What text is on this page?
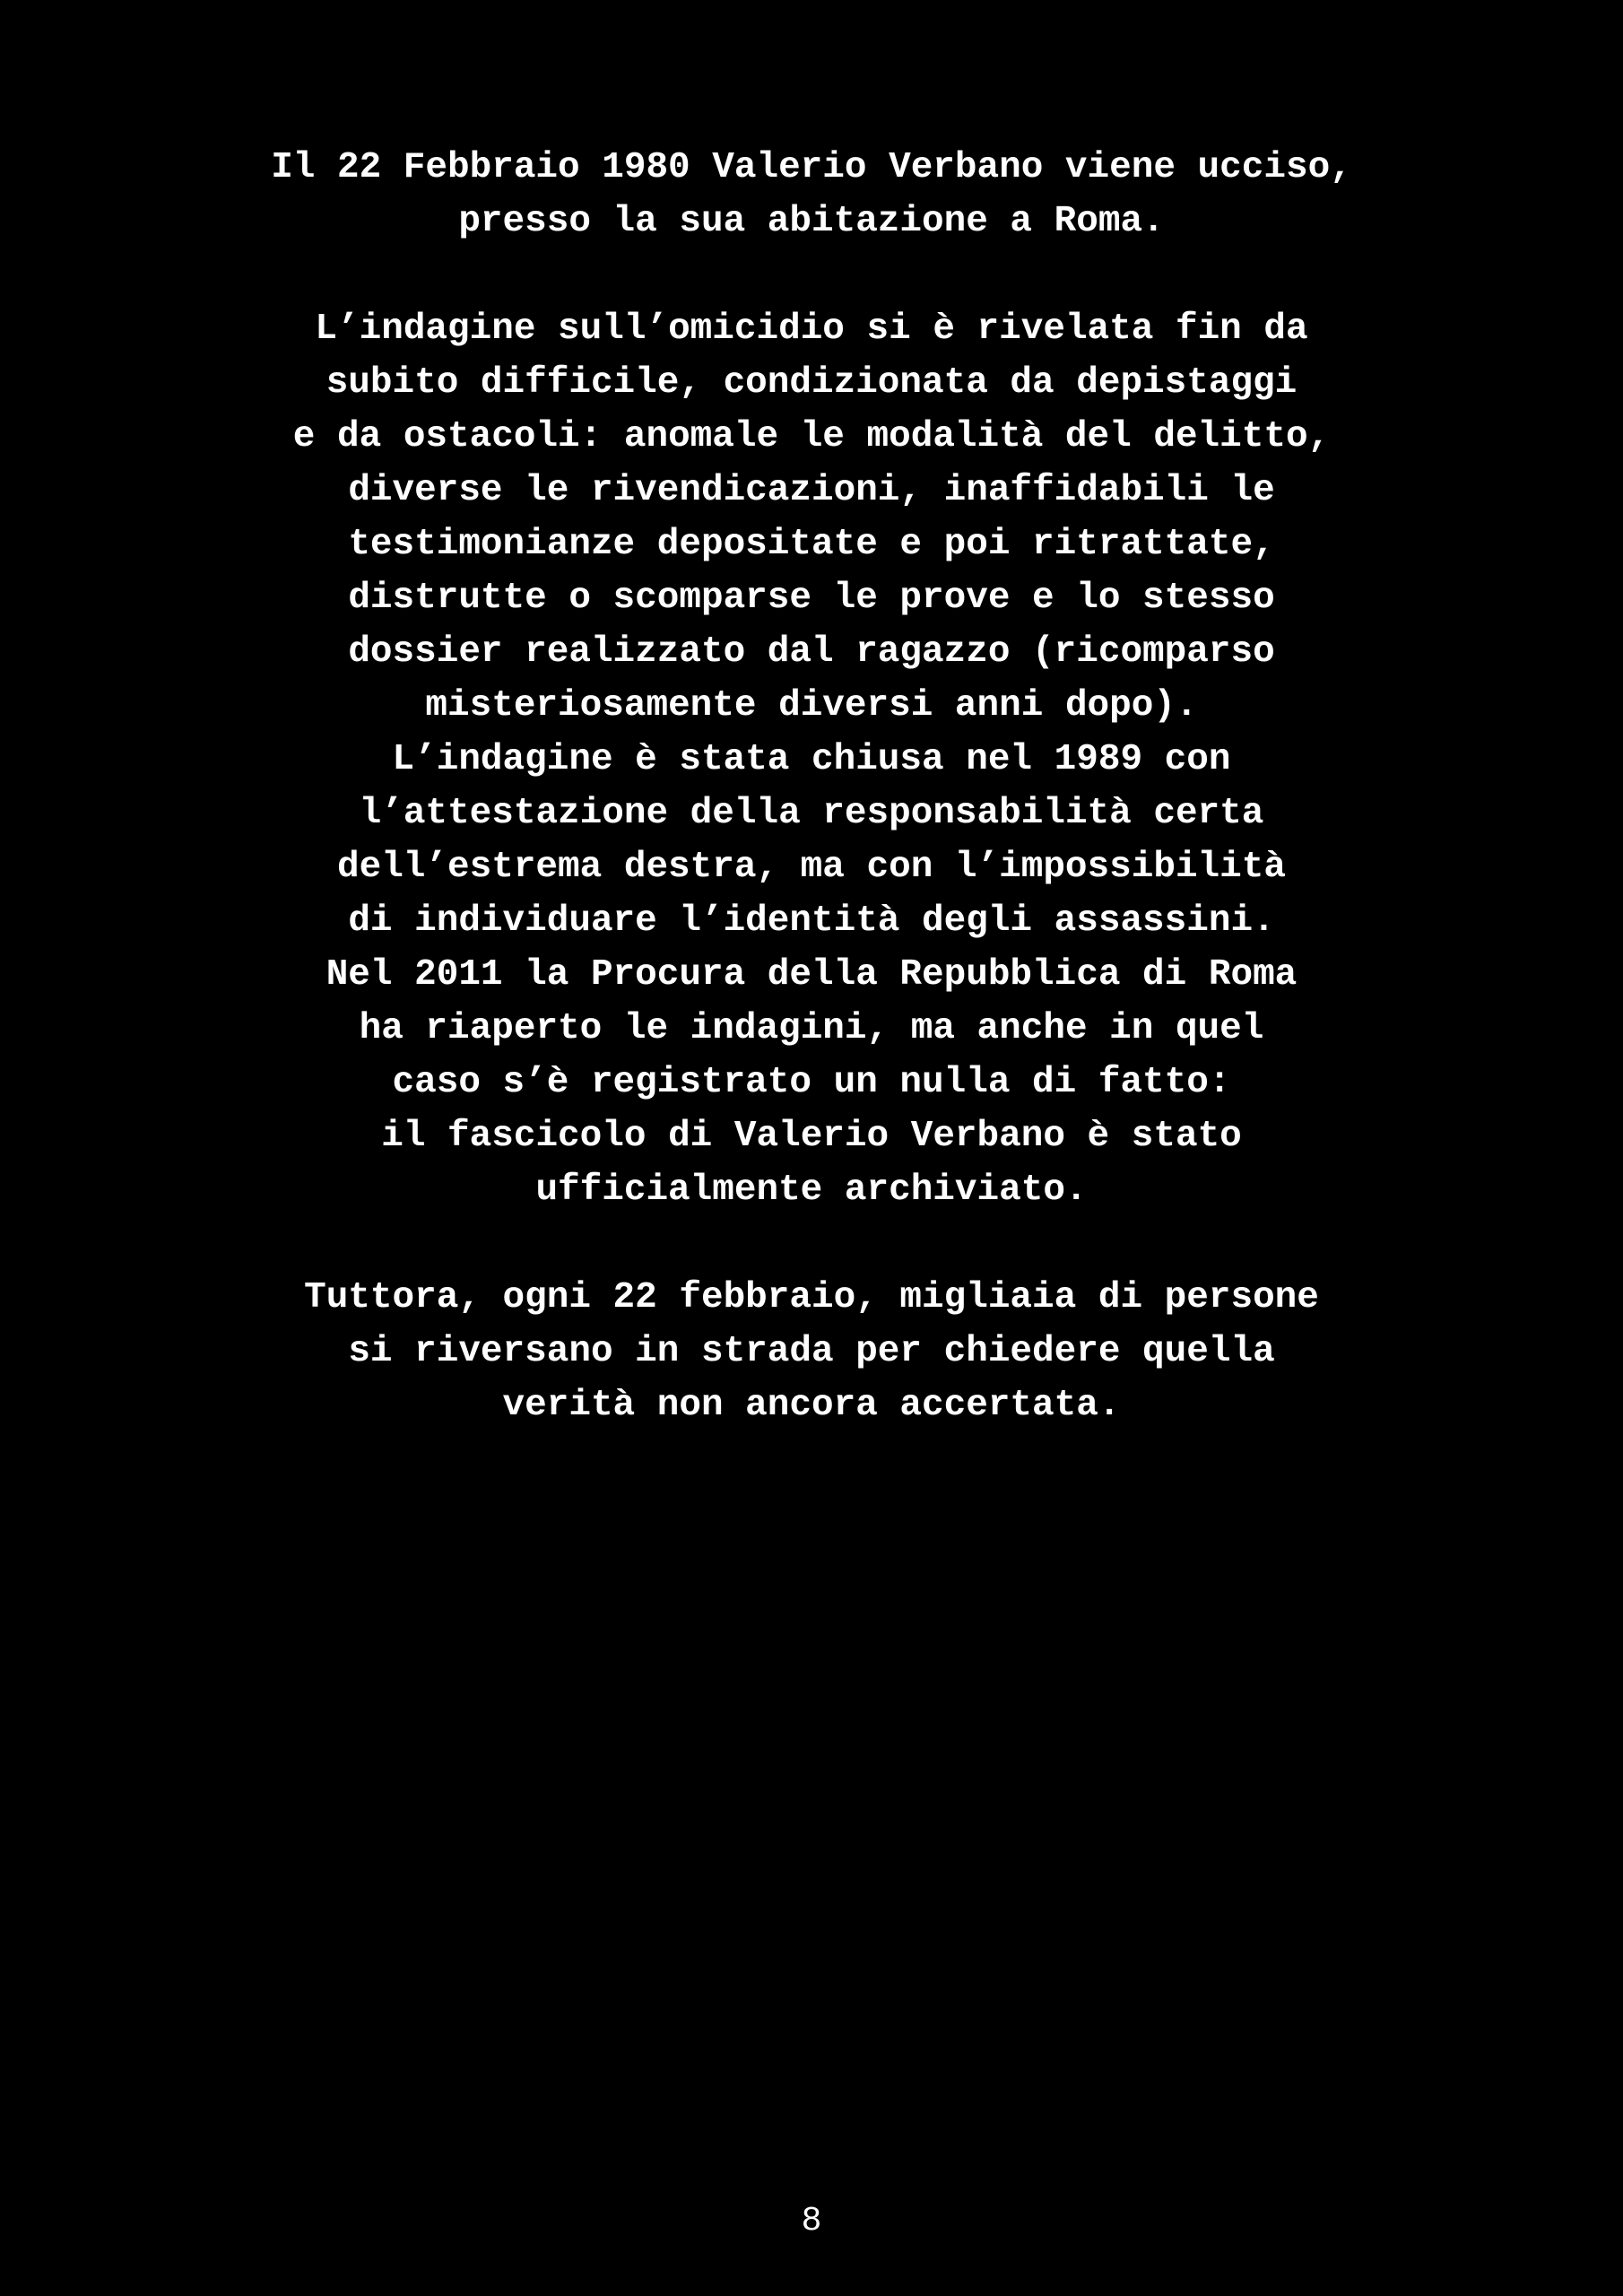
Il 22 Febbraio 1980 Valerio Verbano viene ucciso,
presso la sua abitazione a Roma.
L’indagine sull’omicidio si è rivelata fin da
subito difficile, condizionata da depistaggi
e da ostacoli: anomale le modalità del delitto,
diverse le rivendicazioni, inaffidabili le
testimonianze depositate e poi ritrattate,
distrutte o scomparse le prove e lo stesso
dossier realizzato dal ragazzo (ricomparso
misteriosamente diversi anni dopo).
L’indagine è stata chiusa nel 1989 con
l’attestazione della responsabilità certa
dell’estrema destra, ma con l’impossibilità
di individuare l’identità degli assassini.
Nel 2011 la Procura della Repubblica di Roma
ha riaperto le indagini, ma anche in quel
caso s’è registrato un nulla di fatto:
il fascicolo di Valerio Verbano è stato
ufficialmente archiviato.
Tuttora, ogni 22 febbraio, migliaia di persone
si riversano in strada per chiedere quella
verità non ancora accertata.
8
